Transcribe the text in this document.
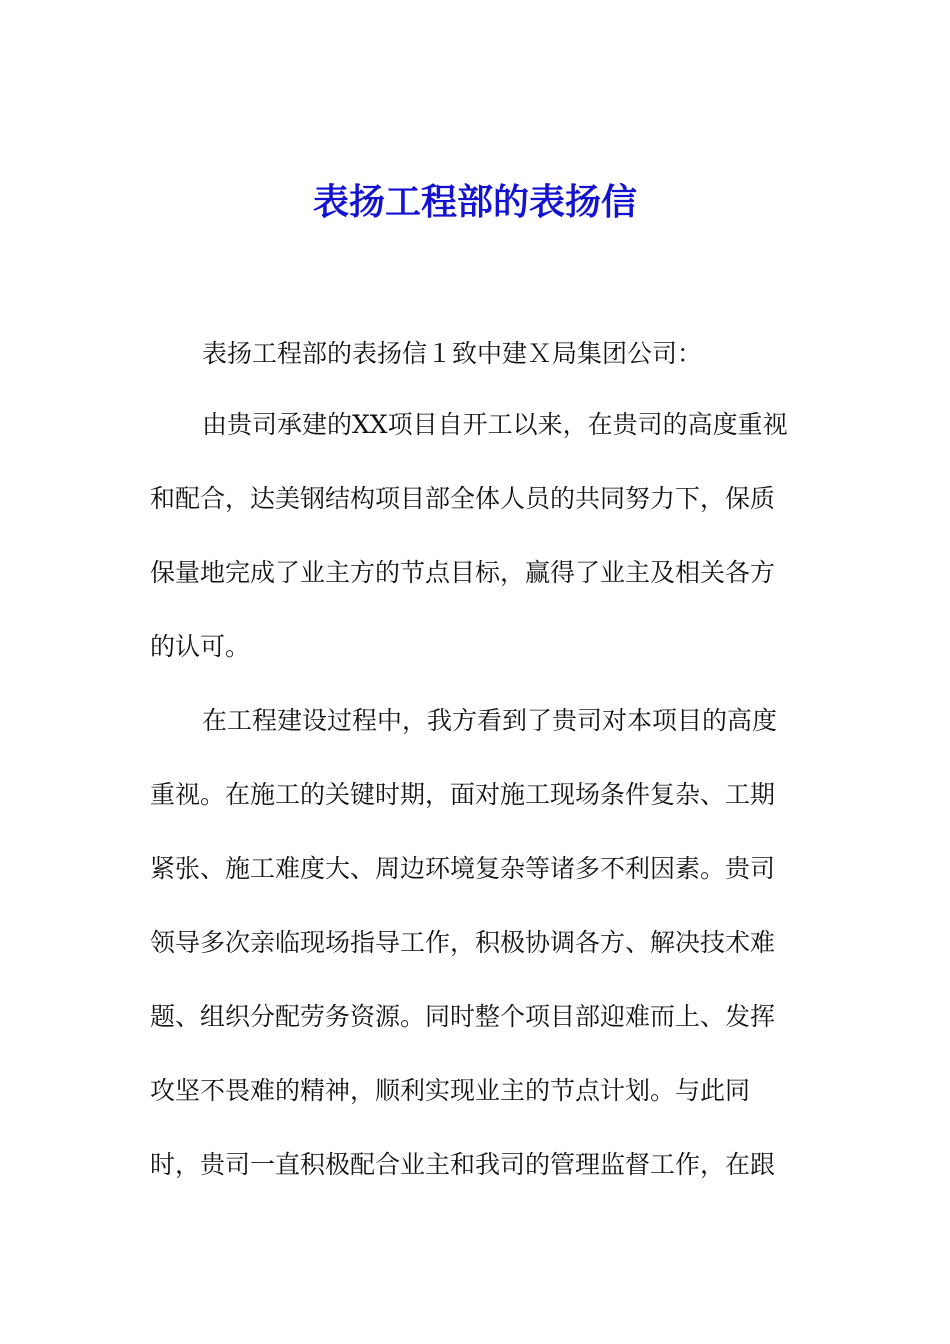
表扬工程部的表扬信

表扬工程部的表扬信１致中建Ｘ局集团公司：

由贵司承建的XX项目自开工以来，在贵司的高度重视

和配合，达美钢结构项目部全体人员的共同努力下，保质

保量地完成了业主方的节点目标，赢得了业主及相关各方

的认可。

在工程建设过程中，我方看到了贵司对本项目的高度

重视。在施工的关键时期，面对施工现场条件复杂、工期

紧张、施工难度大、周边环境复杂等诸多不利因素。贵司

领导多次亲临现场指导工作，积极协调各方、解决技术难

题、组织分配劳务资源。同时整个项目部迎难而上、发挥

攻坚不畏难的精神，顺利实现业主的节点计划。与此同

时，贵司一直积极配合业主和我司的管理监督工作，在跟
